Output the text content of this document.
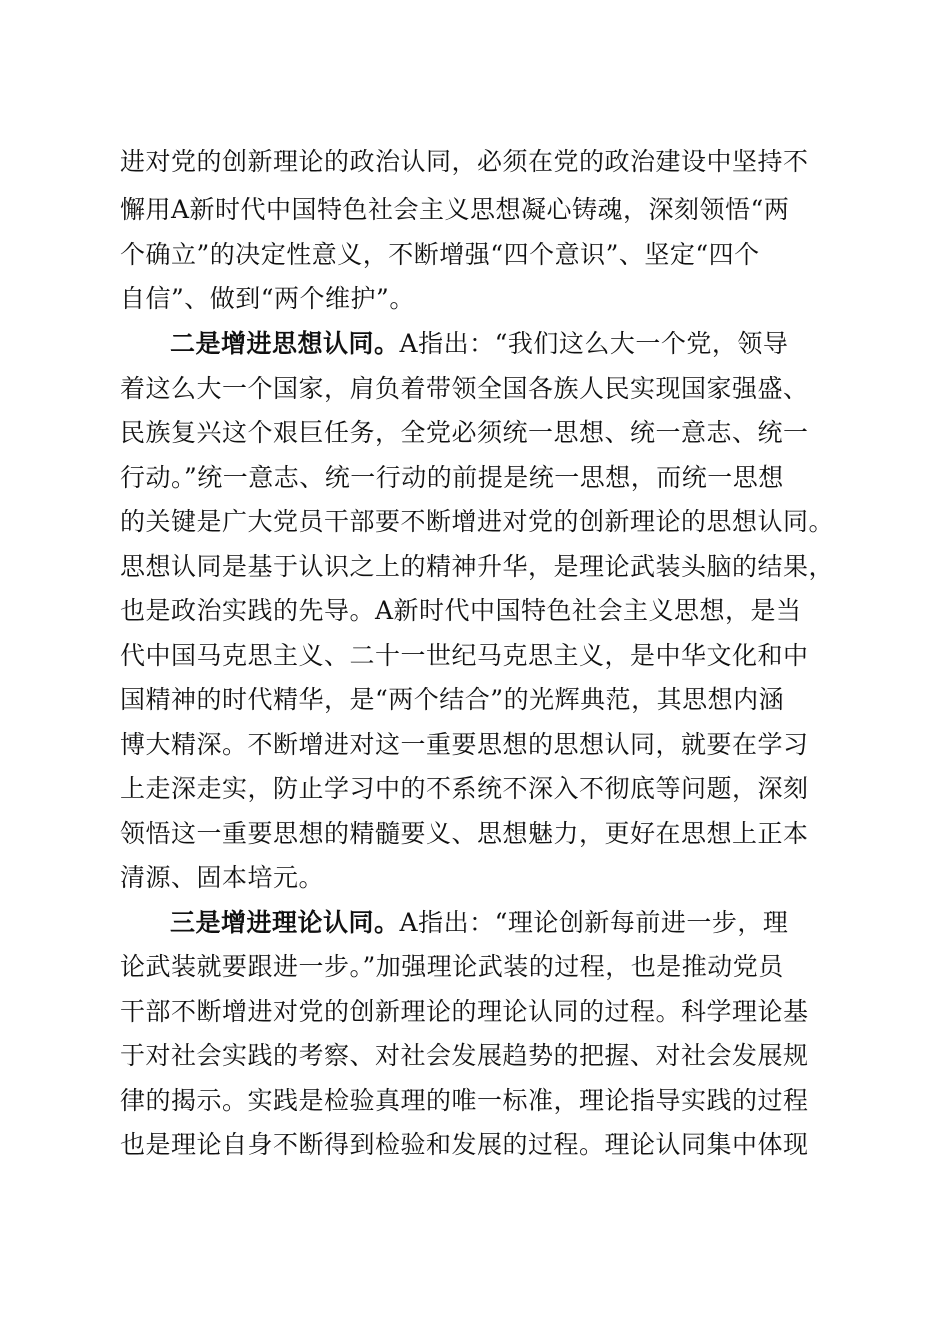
进对党的创新理论的政治认同，必须在党的政治建设中坚持不
懈用A新时代中国特色社会主义思想凝心铸魂，深刻领悟“两
个确立”的决定性意义，不断增强“四个意识”、坚定“四个
自信”、做到“两个维护”。
二是增进思想认同。A指出：“我们这么大一个党，领导
着这么大一个国家，肩负着带领全国各族人民实现国家强盛、
民族复兴这个艰巨任务，全党必须统一思想、统一意志、统一
行动。”统一意志、统一行动的前提是统一思想，而统一思想
的关键是广大党员干部要不断增进对党的创新理论的思想认同。
思想认同是基于认识之上的精神升华，是理论武装头脑的结果，
也是政治实践的先导。A新时代中国特色社会主义思想，是当
代中国马克思主义、二十一世纪马克思主义，是中华文化和中
国精神的时代精华，是“两个结合”的光辉典范，其思想内涵
博大精深。不断增进对这一重要思想的思想认同，就要在学习
上走深走实，防止学习中的不系统不深入不彻底等问题，深刻
领悟这一重要思想的精髓要义、思想魅力，更好在思想上正本
清源、固本培元。
三是增进理论认同。A指出：“理论创新每前进一步，理
论武装就要跟进一步。”加强理论武装的过程，也是推动党员
干部不断增进对党的创新理论的理论认同的过程。科学理论基
于对社会实践的考察、对社会发展趋势的把握、对社会发展规
律的揭示。实践是检验真理的唯一标准，理论指导实践的过程
也是理论自身不断得到检验和发展的过程。理论认同集中体现
